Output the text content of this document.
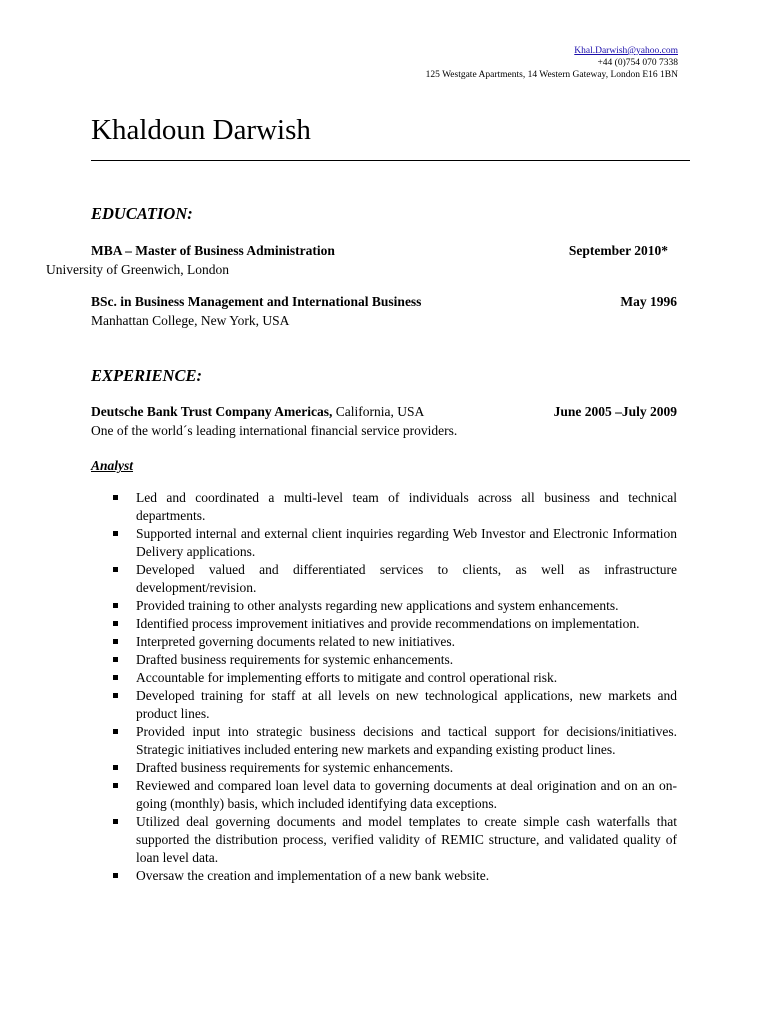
Khal.Darwish@yahoo.com
+44 (0)754 070 7338
125 Westgate Apartments, 14 Western Gateway, London E16 1BN
Khaldoun Darwish
EDUCATION:
MBA – Master of Business Administration	September 2010*
University of Greenwich, London
BSc. in Business Management and International Business	May 1996
Manhattan College, New York, USA
EXPERIENCE:
Deutsche Bank Trust Company Americas, California, USA	June 2005 –July 2009
One of the world´s leading international financial service providers.
Analyst
Led and coordinated a multi-level team of individuals across all business and technical departments.
Supported internal and external client inquiries regarding Web Investor and Electronic Information Delivery applications.
Developed valued and differentiated services to clients, as well as infrastructure development/revision.
Provided training to other analysts regarding new applications and system enhancements.
Identified process improvement initiatives and provide recommendations on implementation.
Interpreted governing documents related to new initiatives.
Drafted business requirements for systemic enhancements.
Accountable for implementing efforts to mitigate and control operational risk.
Developed training for staff at all levels on new technological applications, new markets and product lines.
Provided input into strategic business decisions and tactical support for decisions/initiatives. Strategic initiatives included entering new markets and expanding existing product lines.
Drafted business requirements for systemic enhancements.
Reviewed and compared loan level data to governing documents at deal origination and on an on-going (monthly) basis, which included identifying data exceptions.
Utilized deal governing documents and model templates to create simple cash waterfalls that supported the distribution process, verified validity of REMIC structure, and validated quality of loan level data.
Oversaw the creation and implementation of a new bank website.
